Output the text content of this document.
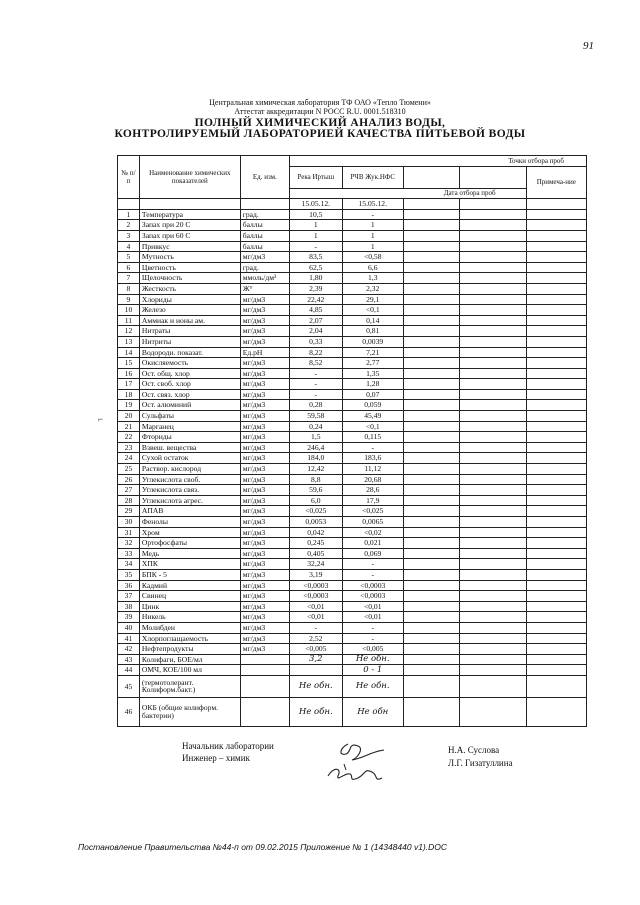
91
Центральная химическая лаборатория ТФ ОАО «Тепло Тюмени»
Аттестат аккредитации N РОСС R.U. 0001.518310
ПОЛНЫЙ ХИМИЧЕСКИЙ АНАЛИЗ ВОДЫ,
КОНТРОЛИРУЕМЫЙ ЛАБОРАТОРИЕЙ КАЧЕСТВА ПИТЬЕВОЙ ВОДЫ
№ п/п	Наименование химических показателей	Ед. изм.	Точки отбора проб				
			Река Иртыш	РЧВ Жук.НФС			Примеча-ние
			Дата отбора проб				
			15.05.12.	15.05.12.			
1	Температура	град.	10,5	-			
2	Запах при 20 С	баллы	1	1			
3	Запах при 60 С	баллы	1	1			
4	Привкус	баллы	-	1			
5	Мутность	мг/дм3	83,5	<0,58			
6	Цветность	град.	62,5	6,6			
7	Щелочность	ммоль/дм³	1,80	1,3			
8	Жесткость	Ж°	2,39	2,32			
9	Хлориды	мг/дм3	22,42	29,1			
10	Железо	мг/дм3	4,85	<0,1			
11	Аммиак и ионы ам.	мг/дм3	2,07	0,14			
12	Нитраты	мг/дм3	2,04	0,81			
13	Нитриты	мг/дм3	0,33	0,0039			
14	Водородн. показат.	Ед.pH	8,22	7,21			
15	Окисляемость	мг/дм3	8,52	2,77			
16	Ост. общ. хлор	мг/дм3	-	1,35			
17	Ост. своб. хлор	мг/дм3	-	1,28			
18	Ост. связ. хлор	мг/дм3	-	0,07			
19	Ост. алюминий	мг/дм3	0,28	0,059			
20	Сульфаты	мг/дм3	59,58	45,49			
21	Марганец	мг/дм3	0,24	<0,1			
22	Фториды	мг/дм3	1,5	0,115			
23	Взвеш. вещества	мг/дм3	246,4	-			
24	Сухой остаток	мг/дм3	184,0	183,6			
25	Раствор. кислород	мг/дм3	12,42	11,12			
26	Углекислота своб.	мг/дм3	8,8	20,68			
27	Углекислота связ.	мг/дм3	59,6	28,6			
28	Углекислота агрес.	мг/дм3	6,0	17,9			
29	АПАВ	мг/дм3	<0,025	<0,025			
30	Фенолы	мг/дм3	0,0053	0,0065			
31	Хром	мг/дм3	0,042	<0,02			
32	Ортофосфаты	мг/дм3	0,245	0,021			
33	Медь	мг/дм3	0,405	0,069			
34	ХПК	мг/дм3	32,24	-			
35	БПК - 5	мг/дм3	3,19	-			
36	Кадмий	мг/дм3	<0,0003	<0,0003			
37	Свинец	мг/дм3	<0,0003	<0,0003			
38	Цинк	мг/дм3	<0,01	<0,01			
39	Никель	мг/дм3	<0,01	<0,01			
40	Молибден	мг/дм3	-	-			
41	Хлорпоглащаемость	мг/дм3	2,52	-			
42	Нефтепродукты	мг/дм3	<0,005	<0,005			
43	Колифаги, БОЕ/мл		3,2	Не обн.			
44	ОМЧ, КОЕ/100 мл			0 - 1			
45	(термотолерант. Колиформ.бакт.)		Не обн.	Не обн.			
46	ОКБ (общие колиформ. бактерии)		Не обн.	Не обн			
Начальник лаборатории
Инженер – химик
Н.А. Суслова
Л.Г. Гизатуллина
⌐
Постановление Правительства №44-п от 09.02.2015 Приложение № 1 (14348440 v1).DOC
